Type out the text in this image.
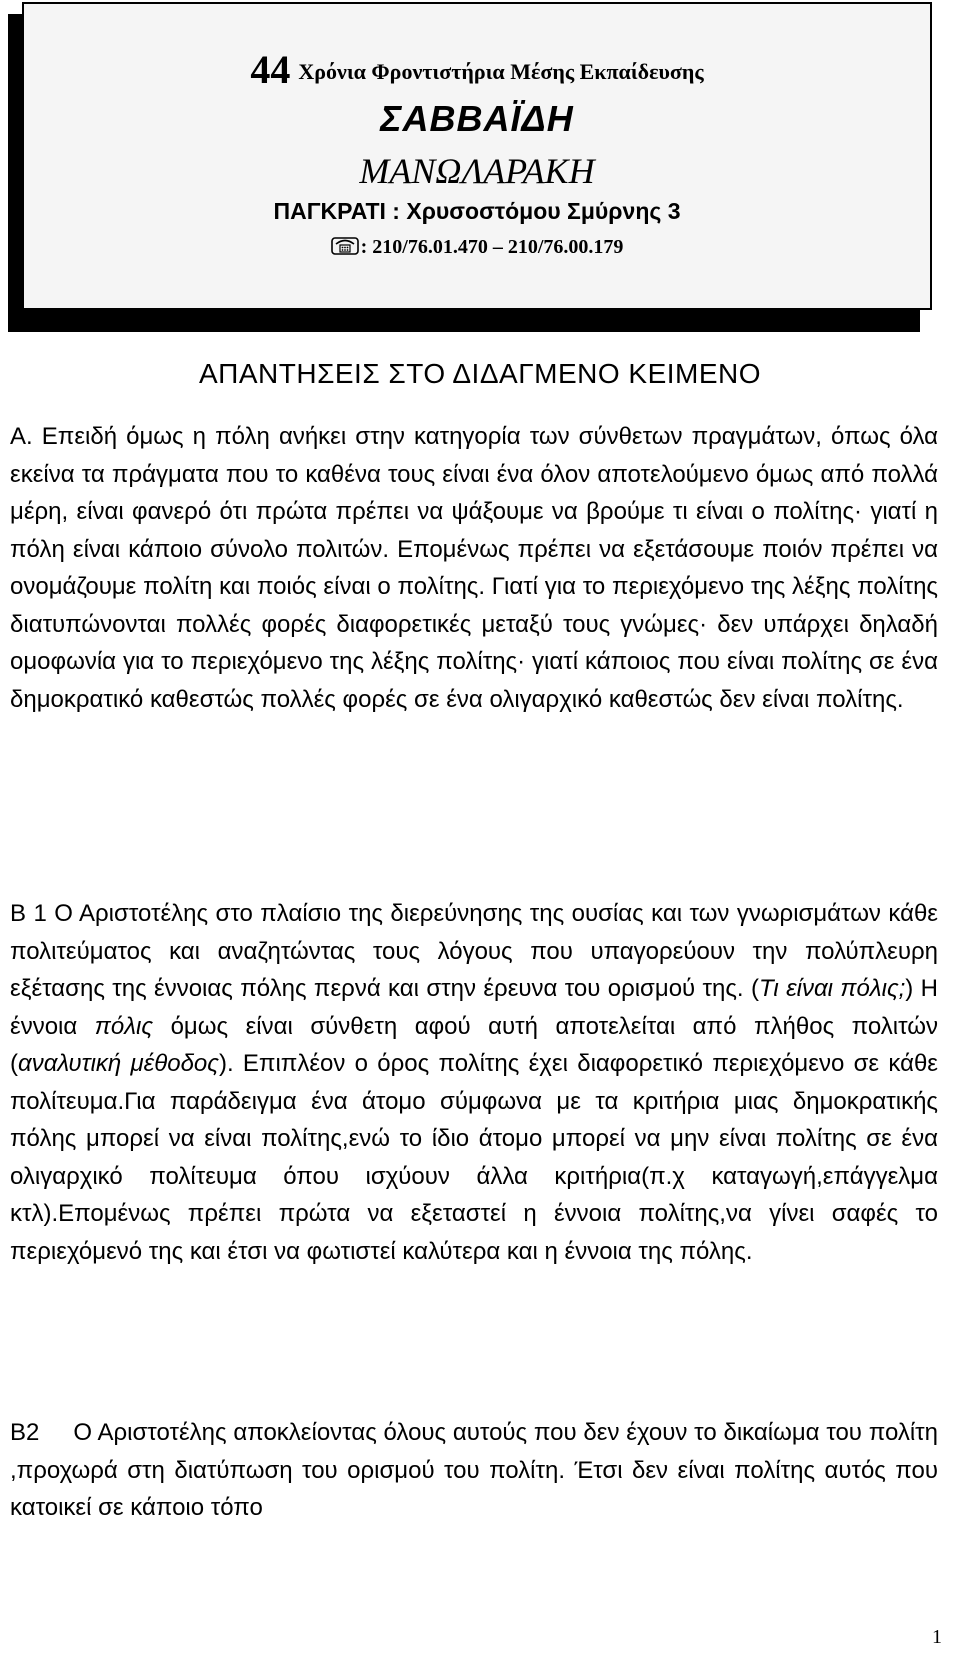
44 Χρόνια Φροντιστήρια Μέσης Εκπαίδευσης
ΣΑΒΒΑΪΔΗ
ΜΑΝΩΛΑΡΑΚΗ
ΠΑΓΚΡΑΤΙ : Χρυσοστόμου Σμύρνης 3
: 210/76.01.470 – 210/76.00.179
ΑΠΑΝΤΗΣΕΙΣ ΣΤΟ ΔΙΔΑΓΜΕΝΟ ΚΕΙΜΕΝΟ

Α. Επειδή όμως η πόλη ανήκει στην κατηγορία των σύνθετων πραγμάτων, όπως όλα εκείνα τα πράγματα που το καθένα τους είναι ένα όλον αποτελούμενο όμως από πολλά μέρη, είναι φανερό ότι πρώτα πρέπει να ψάξουμε να βρούμε τι είναι ο πολίτης· γιατί η πόλη είναι κάποιο σύνολο πολιτών. Επομένως πρέπει να εξετάσουμε ποιόν πρέπει να ονομάζουμε πολίτη και ποιός είναι ο πολίτης. Γιατί για το περιεχόμενο της λέξης πολίτης διατυπώνονται πολλές φορές διαφορετικές μεταξύ τους γνώμες· δεν υπάρχει δηλαδή ομοφωνία για το περιεχόμενο της λέξης πολίτης· γιατί κάποιος που είναι πολίτης σε ένα δημοκρατικό καθεστώς πολλές φορές σε ένα ολιγαρχικό καθεστώς δεν είναι πολίτης.

Β 1 Ο Αριστοτέλης στο πλαίσιο της διερεύνησης της ουσίας και των γνωρισμάτων κάθε πολιτεύματος και αναζητώντας τους λόγους που υπαγορεύουν την πολύπλευρη εξέτασης της έννοιας πόλης περνά και στην έρευνα του ορισμού της. (Τι είναι πόλις;) Η έννοια πόλις όμως είναι σύνθετη αφού αυτή αποτελείται από πλήθος πολιτών (αναλυτική μέθοδος). Επιπλέον ο όρος πολίτης έχει διαφορετικό περιεχόμενο σε κάθε πολίτευμα.Για παράδειγμα ένα άτομο σύμφωνα με τα κριτήρια μιας δημοκρατικής πόλης μπορεί να είναι πολίτης,ενώ το ίδιο άτομο μπορεί να μην είναι πολίτης σε ένα ολιγαρχικό πολίτευμα όπου ισχύουν άλλα κριτήρια(π.χ καταγωγή,επάγγελμα κτλ).Επομένως πρέπει πρώτα να εξεταστεί η έννοια πολίτης,να γίνει σαφές το περιεχόμενό της και έτσι να φωτιστεί καλύτερα και η έννοια της πόλης.

Β2     Ο Αριστοτέλης αποκλείοντας όλους αυτούς που δεν έχουν το δικαίωμα του πολίτη ,προχωρά στη διατύπωση του ορισμού του πολίτη. Έτσι δεν είναι πολίτης αυτός που κατοικεί σε κάποιο τόπο

1
